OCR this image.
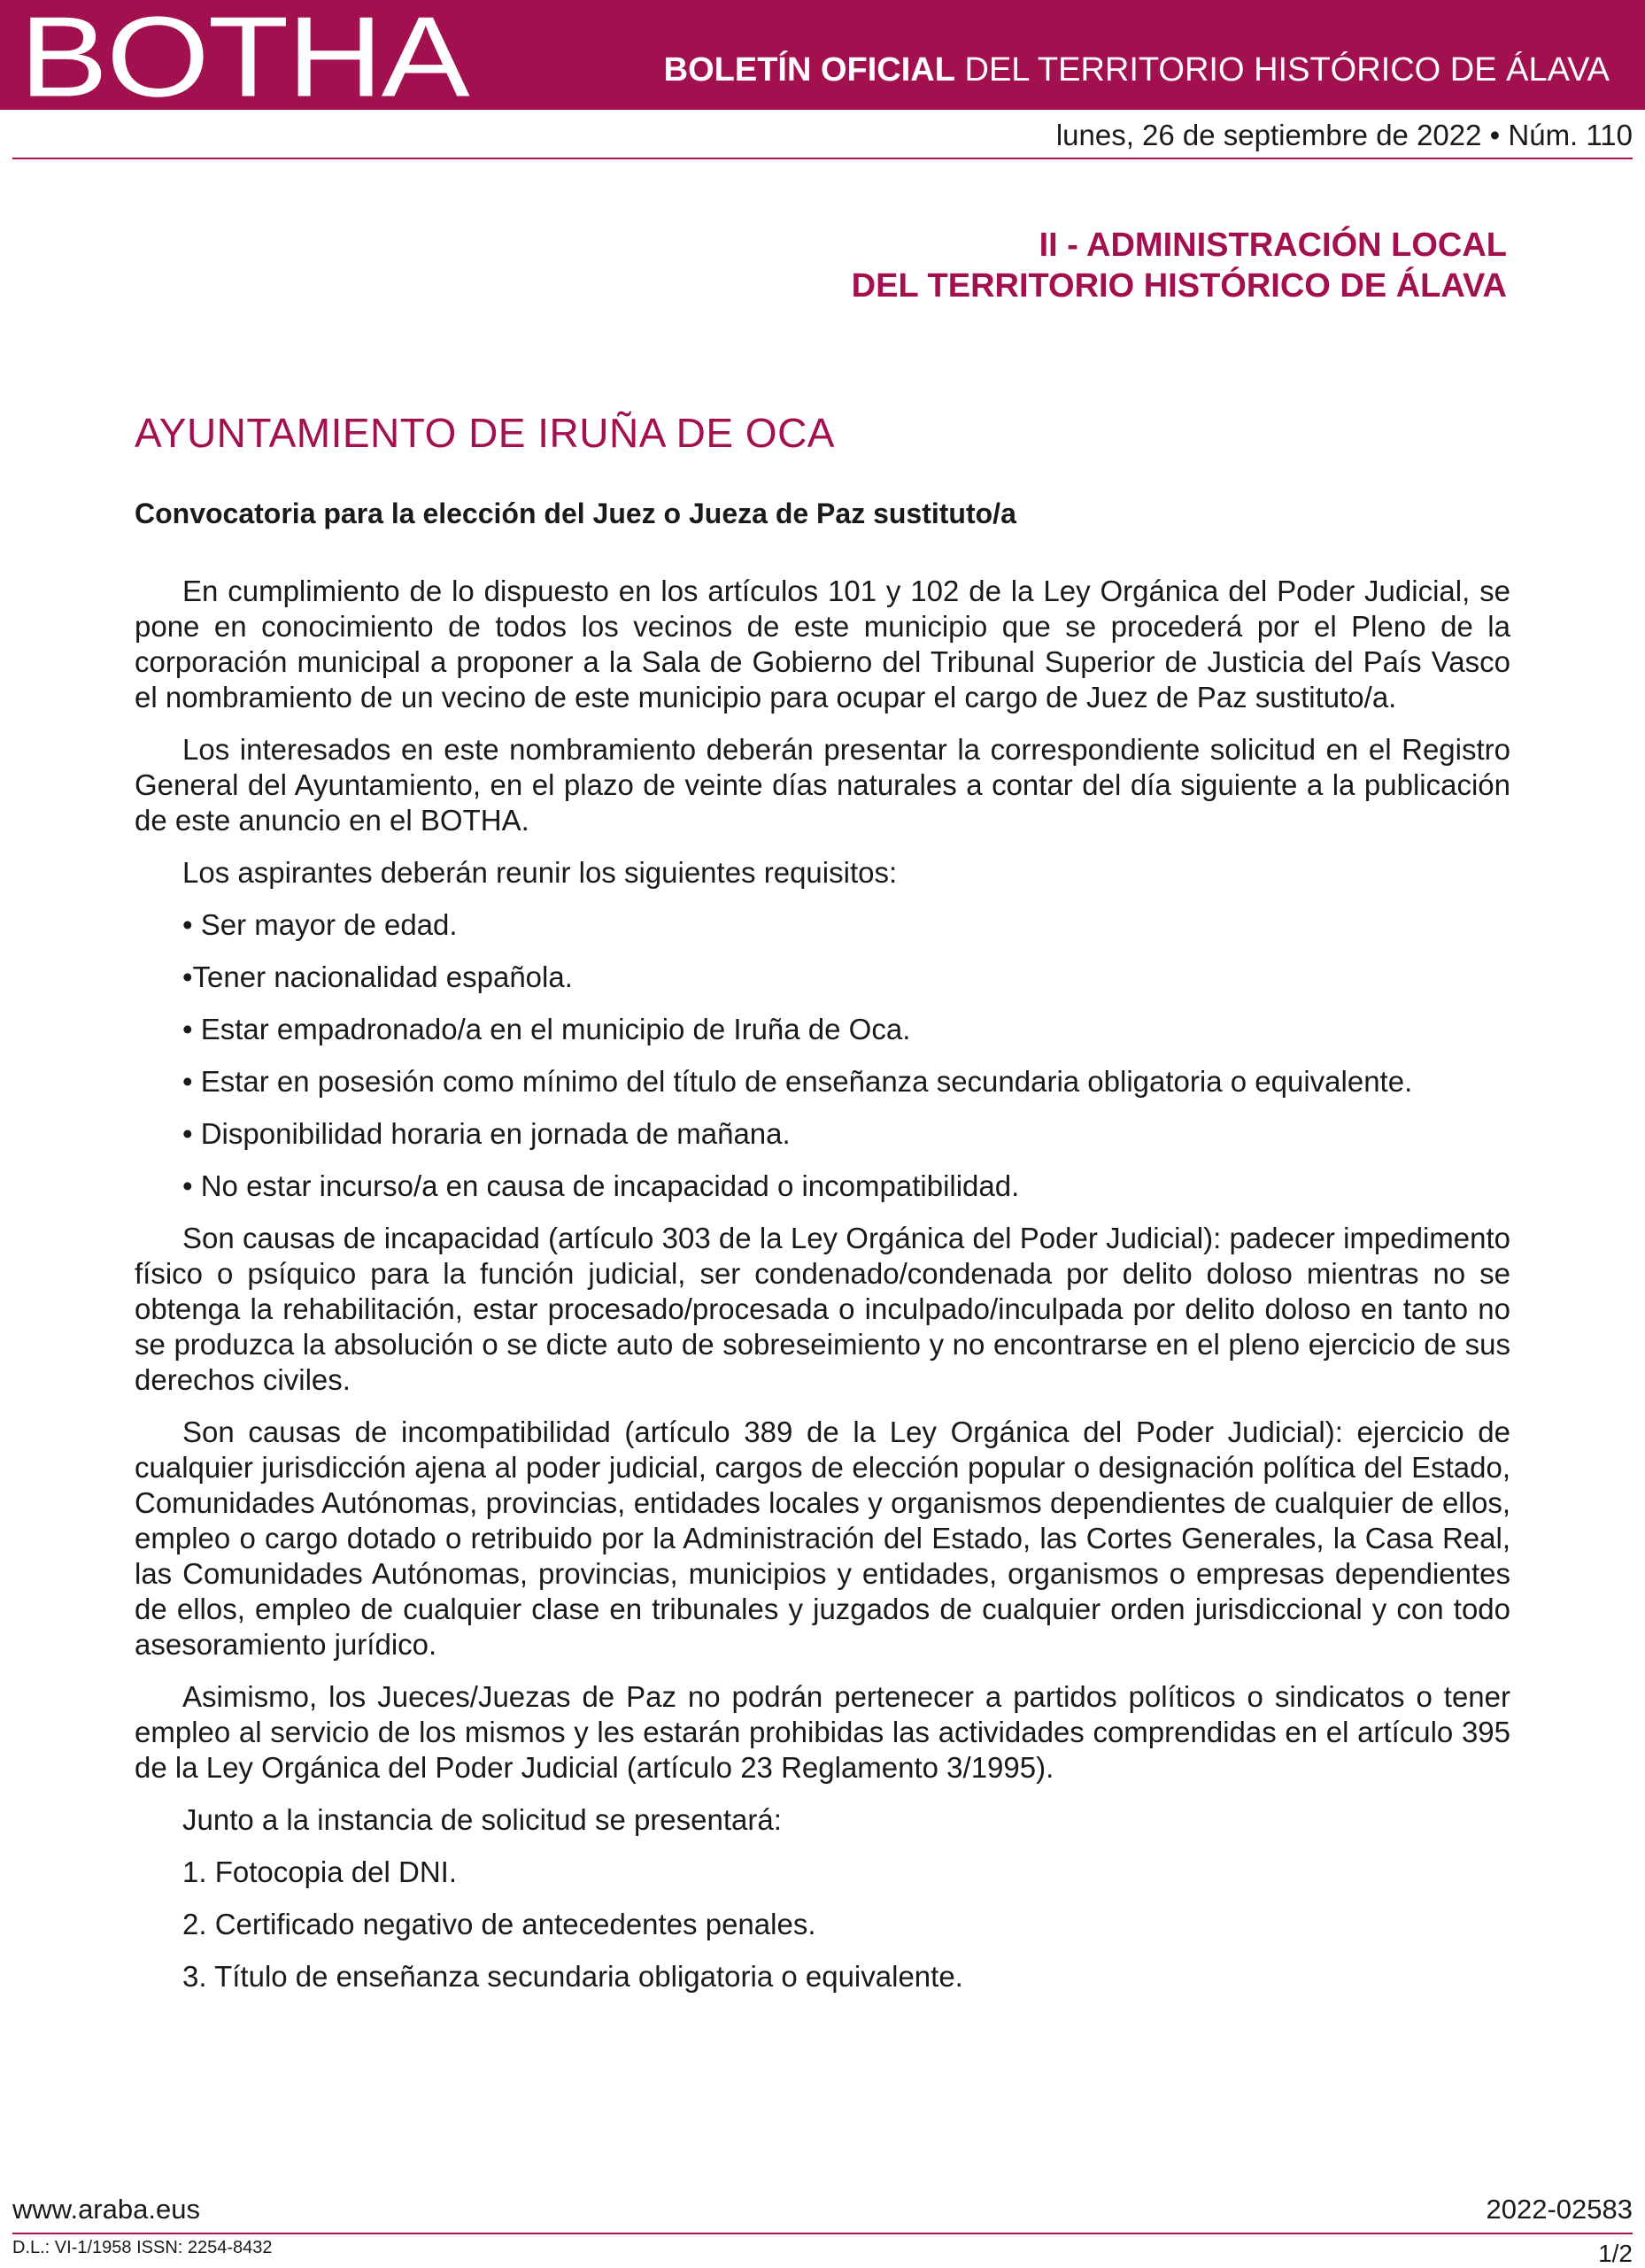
BOTHA	BOLETÍN OFICIAL DEL TERRITORIO HISTÓRICO DE ÁLAVA
lunes, 26 de septiembre de 2022 • Núm. 110
II - ADMINISTRACIÓN LOCAL
DEL TERRITORIO HISTÓRICO DE ÁLAVA
AYUNTAMIENTO DE IRUÑA DE OCA
Convocatoria para la elección del Juez o Jueza de Paz sustituto/a

En cumplimiento de lo dispuesto en los artículos 101 y 102 de la Ley Orgánica del Poder Judicial, se pone en conocimiento de todos los vecinos de este municipio que se procederá por el Pleno de la corporación municipal a proponer a la Sala de Gobierno del Tribunal Superior de Justicia del País Vasco el nombramiento de un vecino de este municipio para ocupar el cargo de Juez de Paz sustituto/a.

Los interesados en este nombramiento deberán presentar la correspondiente solicitud en el Registro General del Ayuntamiento, en el plazo de veinte días naturales a contar del día siguiente a la publicación de este anuncio en el BOTHA.

Los aspirantes deberán reunir los siguientes requisitos:

• Ser mayor de edad.

•Tener nacionalidad española.

• Estar empadronado/a en el municipio de Iruña de Oca.

• Estar en posesión como mínimo del título de enseñanza secundaria obligatoria o equivalente.

• Disponibilidad horaria en jornada de mañana.

• No estar incurso/a en causa de incapacidad o incompatibilidad.

Son causas de incapacidad (artículo 303 de la Ley Orgánica del Poder Judicial): padecer impedimento físico o psíquico para la función judicial, ser condenado/condenada por delito doloso mientras no se obtenga la rehabilitación, estar procesado/procesada o inculpado/inculpada por delito doloso en tanto no se produzca la absolución o se dicte auto de sobreseimiento y no encontrarse en el pleno ejercicio de sus derechos civiles.

Son causas de incompatibilidad (artículo 389 de la Ley Orgánica del Poder Judicial): ejercicio de cualquier jurisdicción ajena al poder judicial, cargos de elección popular o designación política del Estado, Comunidades Autónomas, provincias, entidades locales y organismos dependientes de cualquier de ellos, empleo o cargo dotado o retribuido por la Administración del Estado, las Cortes Generales, la Casa Real, las Comunidades Autónomas, provincias, municipios y entidades, organismos o empresas dependientes de ellos, empleo de cualquier clase en tribunales y juzgados de cualquier orden jurisdiccional y con todo asesoramiento jurídico.

Asimismo, los Jueces/Juezas de Paz no podrán pertenecer a partidos políticos o sindicatos o tener empleo al servicio de los mismos y les estarán prohibidas las actividades comprendidas en el artículo 395 de la Ley Orgánica del Poder Judicial (artículo 23 Reglamento 3/1995).

Junto a la instancia de solicitud se presentará:

1. Fotocopia del DNI.

2. Certificado negativo de antecedentes penales.

3. Título de enseñanza secundaria obligatoria o equivalente.

www.araba.eus	2022-02583
D.L.: VI-1/1958 ISSN: 2254-8432	1/2
